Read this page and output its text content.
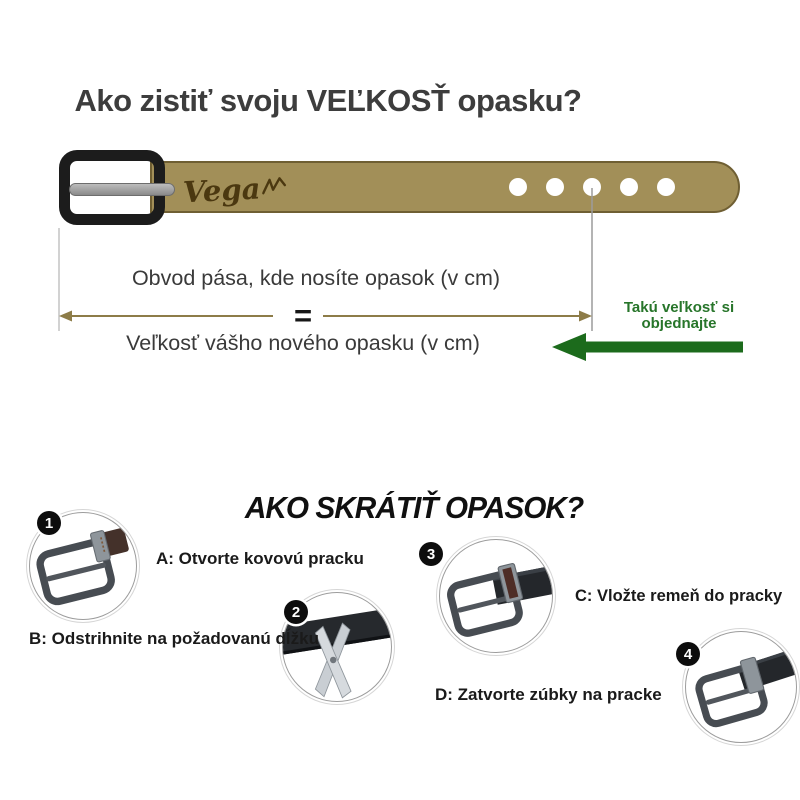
Ako zistiť svoju VEĽKOSŤ opasku?
Vega
Obvod pása, kde nosíte opasok (v cm)
=
Veľkosť vášho nového opasku (v cm)
Takú veľkosť si objednajte
AKO SKRÁTIŤ OPASOK?
1
2
3
4
A: Otvorte kovovú pracku
B: Odstrihnite na požadovanú dĺžku
C: Vložte remeň do pracky
D: Zatvorte zúbky na pracke
